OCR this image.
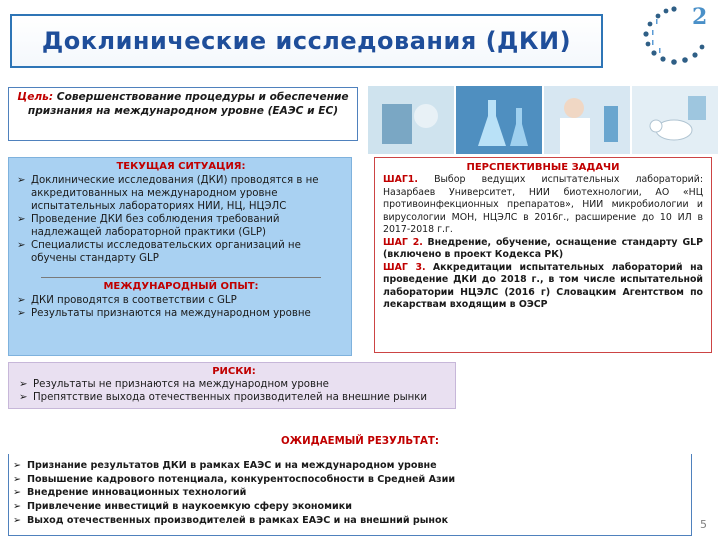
Доклинические исследования (ДКИ)
2
Цель: Совершенствование процедуры и обеспечение признания на международном уровне (ЕАЭС и ЕС)
ТЕКУЩАЯ СИТУАЦИЯ:
➢ Доклинические исследования (ДКИ) проводятся в не аккредитованных на международном уровне испытательных лабораториях НИИ, НЦ, НЦЭЛС
➢ Проведение ДКИ без соблюдения требований надлежащей лабораторной практики (GLP)
➢ Специалисты исследовательских организаций не обучены стандарту GLP
МЕЖДУНАРОДНЫЙ ОПЫТ:
➢ ДКИ проводятся в соответствии с GLP
➢ Результаты признаются на международном уровне
ПЕРСПЕКТИВНЫЕ ЗАДАЧИ
ШАГ1. Выбор ведущих испытательных лабораторий: Назарбаев Университет, НИИ биотехнологии, АО «НЦ противоинфекционных препаратов», НИИ микробиологии и вирусологии МОН, НЦЭЛС в 2016г., расширение до 10 ИЛ в 2017-2018 г.г.
ШАГ 2. Внедрение, обучение, оснащение стандарту GLP (включено в проект Кодекса РК)
ШАГ 3. Аккредитации испытательных лабораторий на проведение ДКИ до 2018 г., в том числе испытательной лаборатории НЦЭЛС (2016 г) Словацким Агентством по лекарствам входящим в ОЭСР
РИСКИ:
➢ Результаты не признаются на международном уровне
➢ Препятствие выхода отечественных производителей на внешние рынки
ОЖИДАЕМЫЙ РЕЗУЛЬТАТ:
➢ Признание результатов ДКИ в рамках ЕАЭС и на международном уровне
➢ Повышение кадрового потенциала, конкурентоспособности в Средней Азии
➢ Внедрение инновационных технологий
➢ Привлечение инвестиций в наукоемкую сферу экономики
➢ Выход отечественных производителей в рамках ЕАЭС и на внешний рынок	5
